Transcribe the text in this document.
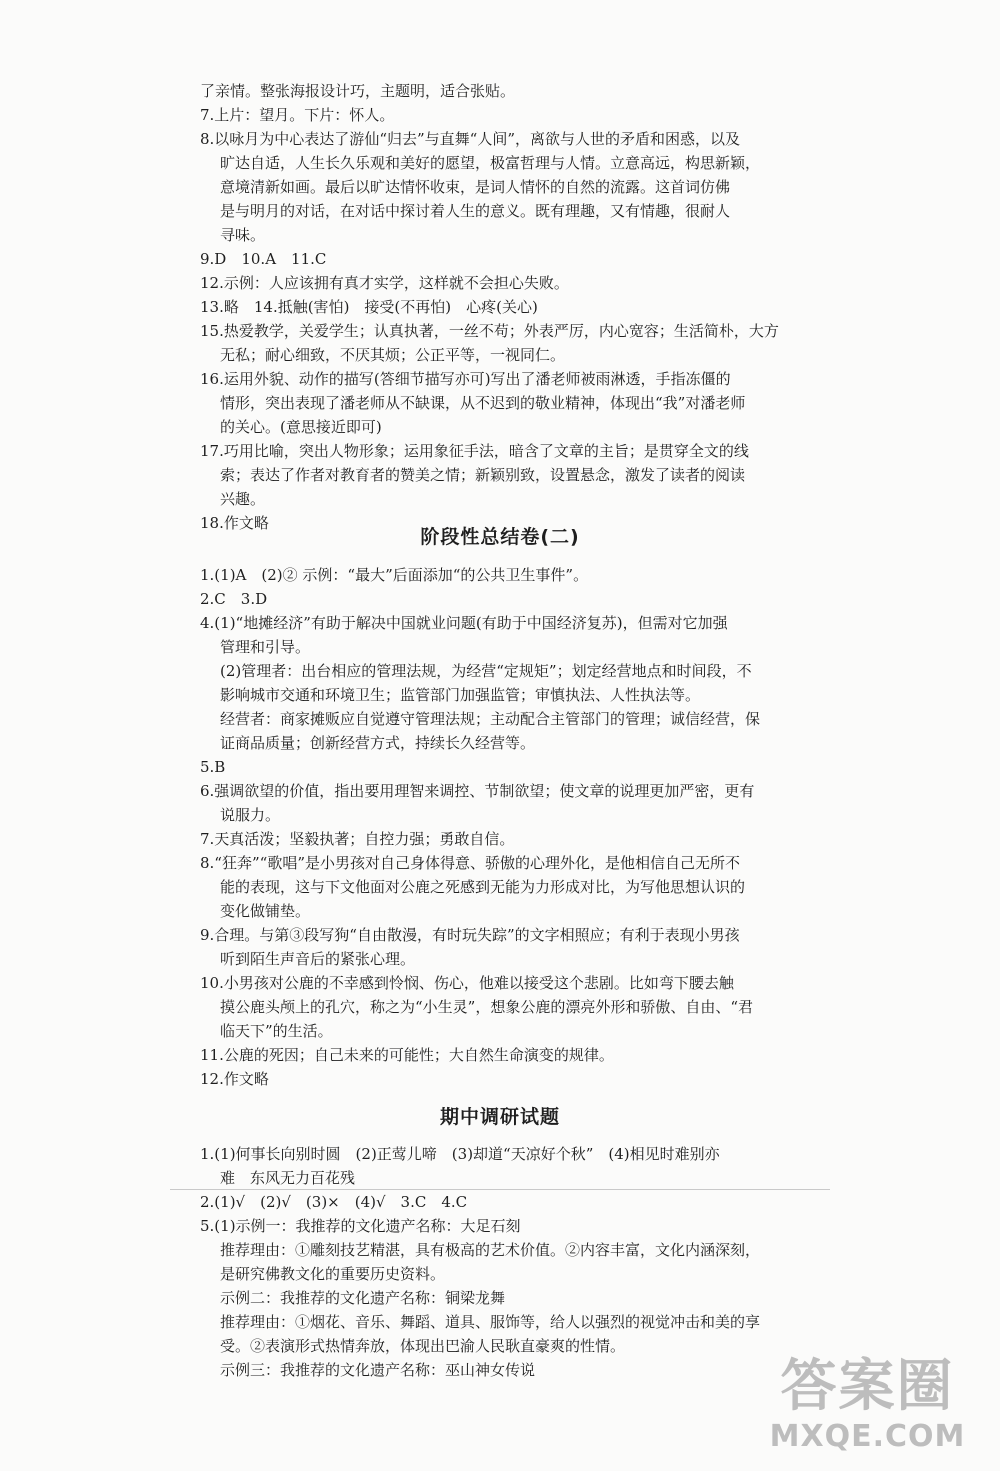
了亲情。整张海报设计巧，主题明，适合张贴。
7.上片：望月。下片：怀人。
8.以咏月为中心表达了游仙“归去”与直舞“人间”，离欲与人世的矛盾和困惑，以及
旷达自适，人生长久乐观和美好的愿望，极富哲理与人情。立意高远，构思新颖，
意境清新如画。最后以旷达情怀收束，是词人情怀的自然的流露。这首词仿佛
是与明月的对话，在对话中探讨着人生的意义。既有理趣，又有情趣，很耐人
寻味。
9.D　10.A　11.C
12.示例：人应该拥有真才实学，这样就不会担心失败。
13.略　14.抵触(害怕)　接受(不再怕)　心疼(关心)
15.热爱教学，关爱学生；认真执著，一丝不苟；外表严厉，内心宽容；生活简朴，大方
无私；耐心细致，不厌其烦；公正平等，一视同仁。
16.运用外貌、动作的描写(答细节描写亦可)写出了潘老师被雨淋透，手指冻僵的
情形，突出表现了潘老师从不缺课，从不迟到的敬业精神，体现出“我”对潘老师
的关心。(意思接近即可)
17.巧用比喻，突出人物形象；运用象征手法，暗含了文章的主旨；是贯穿全文的线
索；表达了作者对教育者的赞美之情；新颖别致，设置悬念，激发了读者的阅读
兴趣。
18.作文略
阶段性总结卷(二)
1.(1)A　(2)② 示例：“最大”后面添加“的公共卫生事件”。
2.C　3.D
4.(1)“地摊经济”有助于解决中国就业问题(有助于中国经济复苏)，但需对它加强
管理和引导。
(2)管理者：出台相应的管理法规，为经营“定规矩”；划定经营地点和时间段，不
影响城市交通和环境卫生；监管部门加强监管；审慎执法、人性执法等。
经营者：商家摊贩应自觉遵守管理法规；主动配合主管部门的管理；诚信经营，保
证商品质量；创新经营方式，持续长久经营等。
5.B
6.强调欲望的价值，指出要用理智来调控、节制欲望；使文章的说理更加严密，更有
说服力。
7.天真活泼；坚毅执著；自控力强；勇敢自信。
8.“狂奔”“歌唱”是小男孩对自己身体得意、骄傲的心理外化，是他相信自己无所不
能的表现，这与下文他面对公鹿之死感到无能为力形成对比，为写他思想认识的
变化做铺垫。
9.合理。与第③段写狗“自由散漫，有时玩失踪”的文字相照应；有利于表现小男孩
听到陌生声音后的紧张心理。
10.小男孩对公鹿的不幸感到怜悯、伤心，他难以接受这个悲剧。比如弯下腰去触
摸公鹿头颅上的孔穴，称之为“小生灵”，想象公鹿的漂亮外形和骄傲、自由、“君
临天下”的生活。
11.公鹿的死因；自己未来的可能性；大自然生命演变的规律。
12.作文略
期中调研试题
1.(1)何事长向别时圆　(2)正莺儿啼　(3)却道“天凉好个秋”　(4)相见时难别亦
难　东风无力百花残
2.(1)√　(2)√　(3)×　(4)√　3.C　4.C
5.(1)示例一：我推荐的文化遗产名称：大足石刻
推荐理由：①雕刻技艺精湛，具有极高的艺术价值。②内容丰富，文化内涵深刻，
是研究佛教文化的重要历史资料。
示例二：我推荐的文化遗产名称：铜梁龙舞
推荐理由：①烟花、音乐、舞蹈、道具、服饰等，给人以强烈的视觉冲击和美的享
受。②表演形式热情奔放，体现出巴渝人民耿直豪爽的性情。
示例三：我推荐的文化遗产名称：巫山神女传说	答案圈
MXQE.COM
